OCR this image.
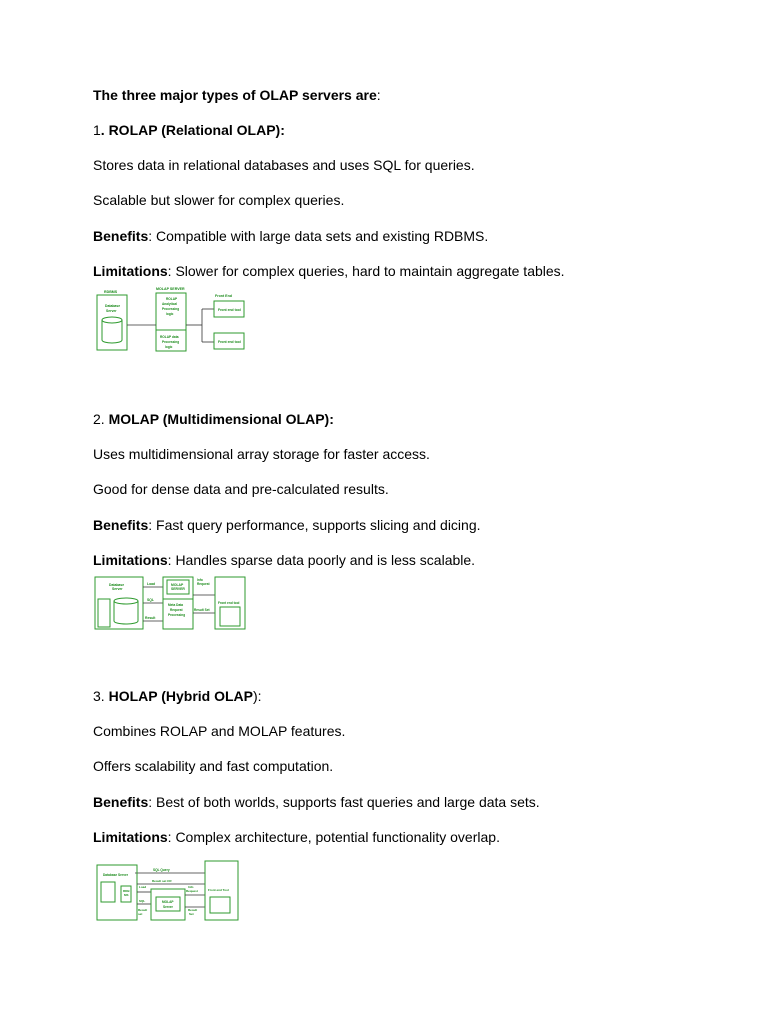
The three major types of OLAP servers are:
1. ROLAP (Relational OLAP):
Stores data in relational databases and uses SQL for queries.
Scalable but slower for complex queries.
Benefits: Compatible with large data sets and existing RDBMS.
Limitations: Slower for complex queries, hard to maintain aggregate tables.
RDBMS
MOLAP SERVER
Front End
Database
Server
ROLAP
Analytical
Processing
logic
ROLAP data
Processing
logic
Front end tool
Front end tool
2. MOLAP (Multidimensional OLAP):
Uses multidimensional array storage for faster access.
Good for dense data and pre-calculated results.
Benefits: Fast query performance, supports slicing and dicing.
Limitations: Handles sparse data poorly and is less scalable.
Database
Server
Load
SQL
Result
MOLAP
SERVER
Meta Data
Request
Processing
Info
Request
Result Set
Front end tool
3. HOLAP (Hybrid OLAP):
Combines ROLAP and MOLAP features.
Offers scalability and fast computation.
Benefits: Best of both worlds, supports fast queries and large data sets.
Limitations: Complex architecture, potential functionality overlap.
SQL Query
Database Server
RDB
MS
Result set CR
Load
SQL
Result
set
MOLAP
Server
Info
Request
Result
Set
Front end Tool
